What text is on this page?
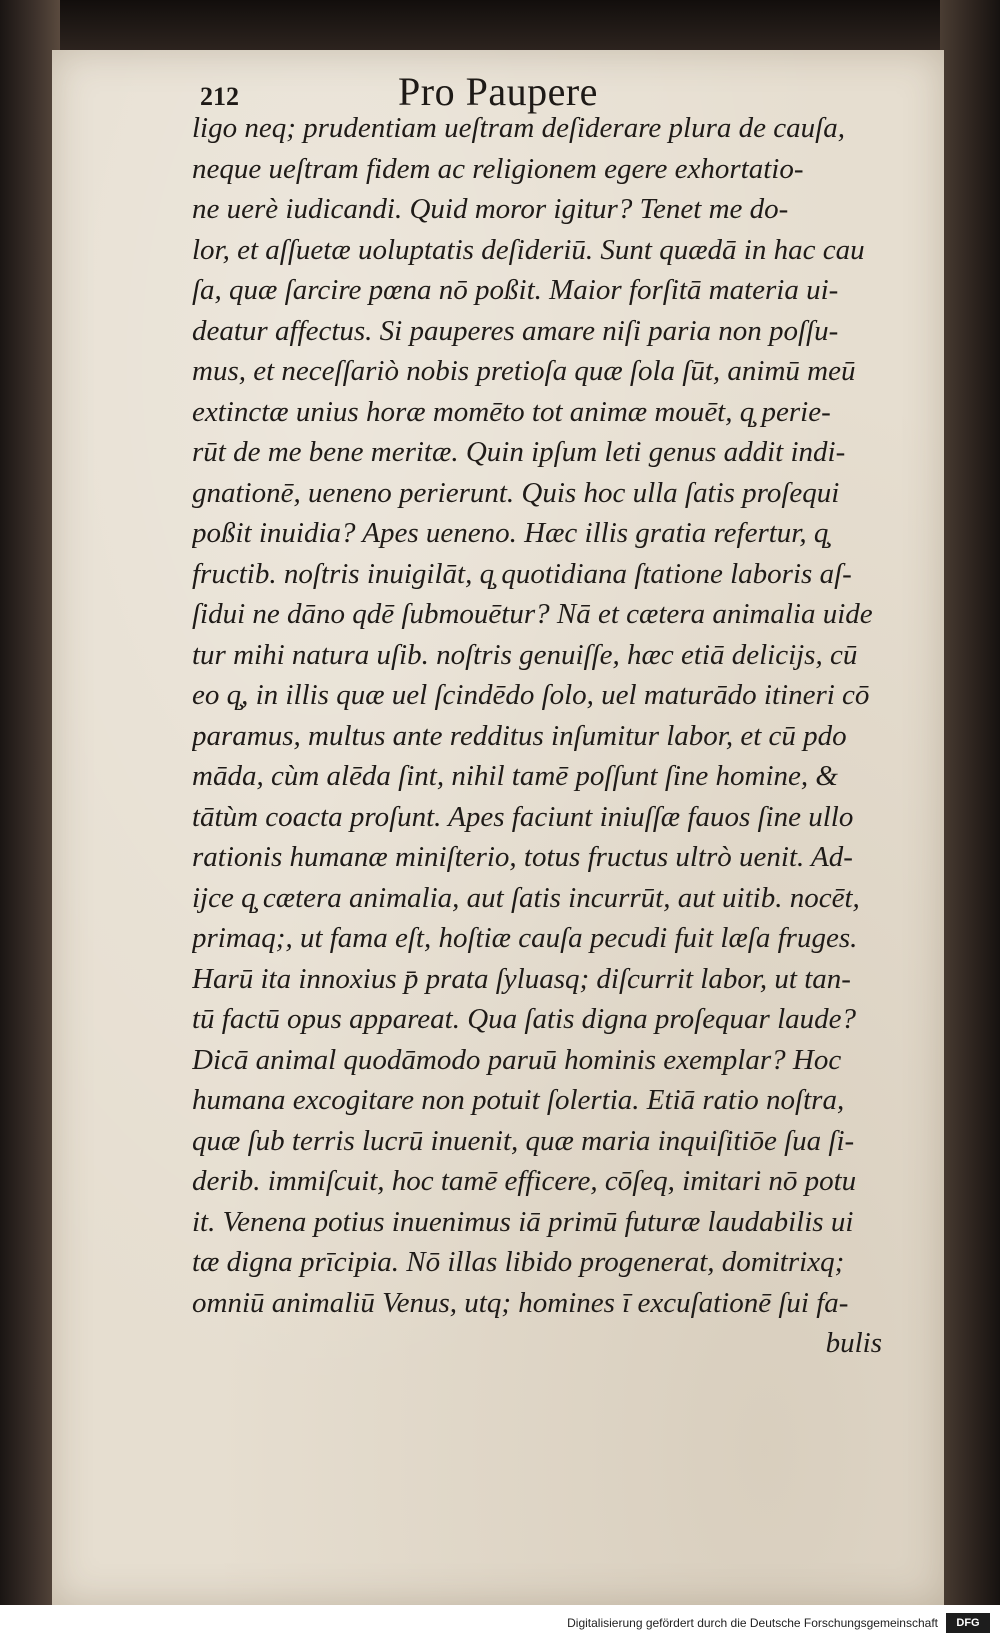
212	Pro Paupere
ligo neq; prudentiam ueſtram deſiderare plura de cauſa,
neque ueſtram fidem ac religionem egere exhortatio-
ne uerè iudicandi. Quid moror igitur? Tenet me do-
lor, et aſſuetæ uoluptatis deſideriū. Sunt quædā in hac cau
ſa, quæ ſarcire pœna nō poßit. Maior forſitā materia ui-
deatur affectus. Si pauperes amare niſi paria non poſſu-
mus, et neceſſariò nobis pretioſa quæ ſola ſūt, animū meū
extinctæ unius horæ momēto tot animæ mouēt, q̧ perie-
rūt de me bene meritæ. Quin ipſum leti genus addit indi-
gnationē, ueneno perierunt. Quis hoc ulla ſatis proſequi
poßit inuidia? Apes ueneno. Hæc illis gratia refertur, q̧
fructib. noſtris inuigilāt, q̧ quotidiana ſtatione laboris aſ-
ſidui ne dāno qdē ſubmouētur? Nā et cætera animalia uide
tur mihi natura uſib. noſtris genuiſſe, hæc etiā delicijs, cū
eo q̧, in illis quæ uel ſcindēdo ſolo, uel maturādo itineri cō
paramus, multus ante redditus inſumitur labor, et cū pdo
māda, cùm alēda ſint, nihil tamē poſſunt ſine homine, &
tātùm coacta proſunt. Apes faciunt iniuſſæ fauos ſine ullo
rationis humanæ miniſterio, totus fructus ultrò uenit. Ad-
ijce q̧ cætera animalia, aut ſatis incurrūt, aut uitib. nocēt,
primaq;, ut fama eſt, hoſtiæ cauſa pecudi fuit læſa fruges.
Harū ita innoxius p̄ prata ſyluasq; diſcurrit labor, ut tan-
tū factū opus appareat. Qua ſatis digna proſequar laude?
Dicā animal quodāmodo paruū hominis exemplar? Hoc
humana excogitare non potuit ſolertia. Etiā ratio noſtra,
quæ ſub terris lucrū inuenit, quæ maria inquiſitiōe ſua ſi-
derib. immiſcuit, hoc tamē efficere, cōſeq, imitari nō potu
it. Venena potius inuenimus iā primū futuræ laudabilis ui
tæ digna prīcipia. Nō illas libido progenerat, domitrixq;
omniū animaliū Venus, utq; homines ī excuſationē ſui fa-
bulis
Digitalisierung gefördert durch die Deutsche Forschungsgemeinschaft	DFG
